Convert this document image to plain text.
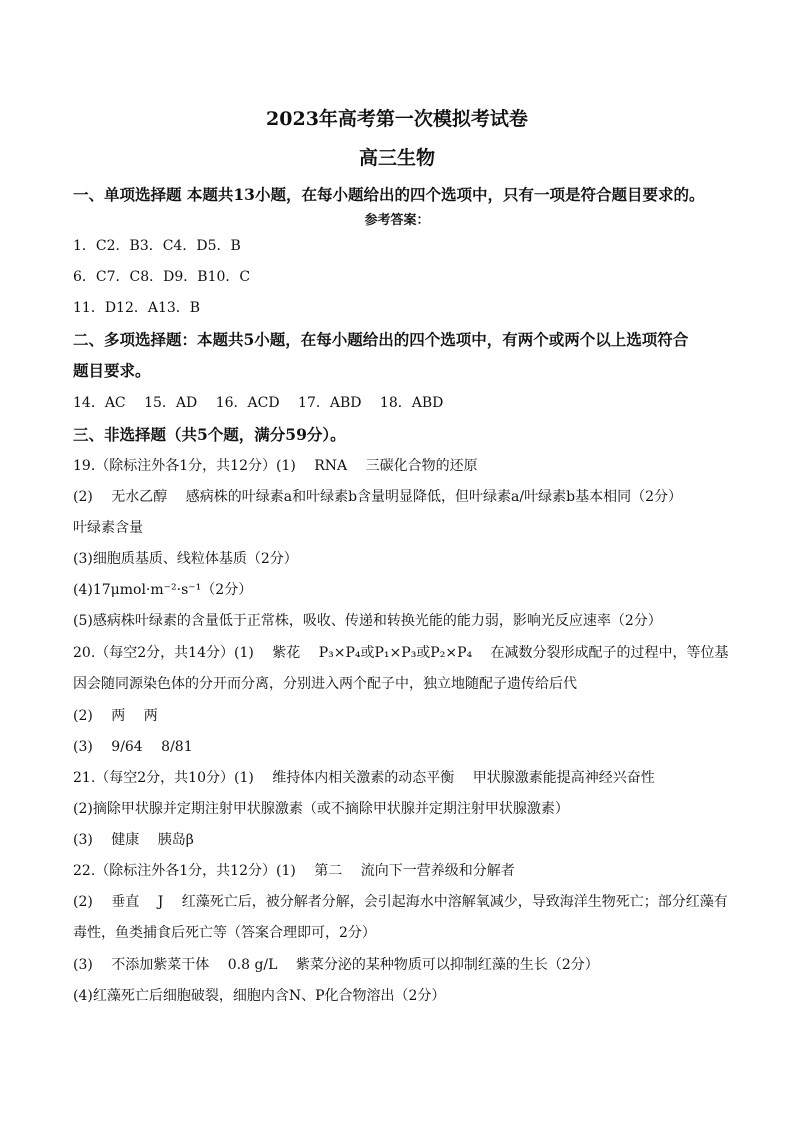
2023年高考第一次模拟考试卷
高三生物
一、单项选择题 本题共13小题，在每小题给出的四个选项中，只有一项是符合题目要求的。
参考答案：
1．C2．B3．C4．D5．B
6．C7．C8．D9．B10．C
11．D12．A13．B
二、多项选择题：本题共5小题，在每小题给出的四个选项中，有两个或两个以上选项符合
题目要求。
14．AC 15．AD 16．ACD 17．ABD 18．ABD
三、非选择题（共5个题，满分59分）。
19.（除标注外各1分，共12分）(1)　 RNA　 三碳化合物的还原
(2)　 无水乙醇　 感病株的叶绿素a和叶绿素b含量明显降低，但叶绿素a/叶绿素b基本相同（2分）
叶绿素含量
(3)细胞质基质、线粒体基质（2分）
(4)17μmol·m⁻²·s⁻¹（2分）
(5)感病株叶绿素的含量低于正常株，吸收、传递和转换光能的能力弱，影响光反应速率（2分）
20.（每空2分，共14分）(1)　 紫花　 P₃×P₄或P₁×P₃或P₂×P₄　 在减数分裂形成配子的过程中，等位基
因会随同源染色体的分开而分离，分别进入两个配子中，独立地随配子遗传给后代
(2)　 两　 两
(3)　 9/64　 8/81
21.（每空2分，共10分）(1)　 维持体内相关激素的动态平衡　 甲状腺激素能提高神经兴奋性
(2)摘除甲状腺并定期注射甲状腺激素（或不摘除甲状腺并定期注射甲状腺激素）
(3)　 健康　 胰岛β
22.（除标注外各1分，共12分）(1)　 第二　 流向下一营养级和分解者
(2)　 垂直　 J　 红藻死亡后，被分解者分解，会引起海水中溶解氧减少，导致海洋生物死亡；部分红藻有
毒性，鱼类捕食后死亡等（答案合理即可，2分）
(3)　 不添加紫菜干体　 0.8 g/L　 紫菜分泌的某种物质可以抑制红藻的生长（2分）
(4)红藻死亡后细胞破裂，细胞内含N、P化合物溶出（2分）
